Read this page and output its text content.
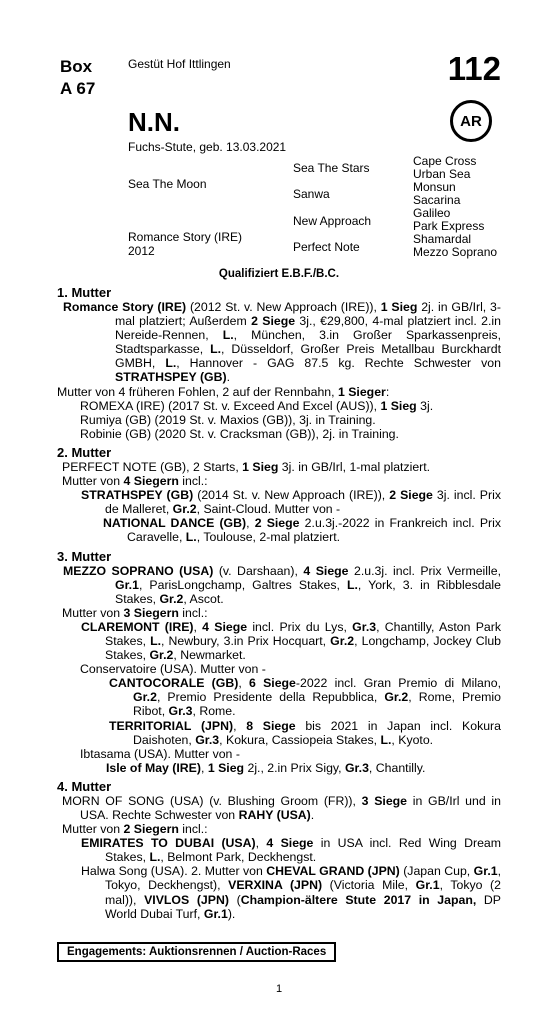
Box
A 67
Gestüt Hof Ittlingen	112
AR
N.N.
Fuchs-Stute, geb. 13.03.2021
Sea The Moon
Romance Story (IRE)
2012
Sea The Stars
Sanwa
New Approach
Perfect Note
Cape Cross
Urban Sea
Monsun
Sacarina
Galileo
Park Express
Shamardal
Mezzo Soprano
Qualifiziert E.B.F./B.C.
1. Mutter
Romance Story (IRE) (2012 St. v. New Approach (IRE)), 1 Sieg 2j. in GB/Irl, 3-mal platziert; Außerdem 2 Siege 3j., €29,800, 4-mal platziert incl. 2.in Nereide-Rennen, L., München, 3.in Großer Sparkassenpreis, Stadtsparkasse, L., Düsseldorf, Großer Preis Metallbau Burckhardt GMBH, L., Hannover - GAG 87.5 kg. Rechte Schwester von STRATHSPEY (GB).
Mutter von 4 früheren Fohlen, 2 auf der Rennbahn, 1 Sieger:
ROMEXA (IRE) (2017 St. v. Exceed And Excel (AUS)), 1 Sieg 3j.
Rumiya (GB) (2019 St. v. Maxios (GB)), 3j. in Training.
Robinie (GB) (2020 St. v. Cracksman (GB)), 2j. in Training.
2. Mutter
PERFECT NOTE (GB), 2 Starts, 1 Sieg 3j. in GB/Irl, 1-mal platziert.
Mutter von 4 Siegern incl.:
STRATHSPEY (GB) (2014 St. v. New Approach (IRE)), 2 Siege 3j. incl. Prix de Malleret, Gr.2, Saint-Cloud. Mutter von -
NATIONAL DANCE (GB), 2 Siege 2.u.3j.-2022 in Frankreich incl. Prix Caravelle, L., Toulouse, 2-mal platziert.
3. Mutter
MEZZO SOPRANO (USA) (v. Darshaan), 4 Siege 2.u.3j. incl. Prix Vermeille, Gr.1, ParisLongchamp, Galtres Stakes, L., York, 3. in Ribblesdale Stakes, Gr.2, Ascot.
Mutter von 3 Siegern incl.:
CLAREMONT (IRE), 4 Siege incl. Prix du Lys, Gr.3, Chantilly, Aston Park Stakes, L., Newbury, 3.in Prix Hocquart, Gr.2, Longchamp, Jockey Club Stakes, Gr.2, Newmarket.
Conservatoire (USA). Mutter von -
CANTOCORALE (GB), 6 Siege-2022 incl. Gran Premio di Milano, Gr.2, Premio Presidente della Repubblica, Gr.2, Rome, Premio Ribot, Gr.3, Rome.
TERRITORIAL (JPN), 8 Siege bis 2021 in Japan incl. Kokura Daishoten, Gr.3, Kokura, Cassiopeia Stakes, L., Kyoto.
Ibtasama (USA). Mutter von -
Isle of May (IRE), 1 Sieg 2j., 2.in Prix Sigy, Gr.3, Chantilly.
4. Mutter
MORN OF SONG (USA) (v. Blushing Groom (FR)), 3 Siege in GB/Irl und in USA. Rechte Schwester von RAHY (USA).
Mutter von 2 Siegern incl.:
EMIRATES TO DUBAI (USA), 4 Siege in USA incl. Red Wing Dream Stakes, L., Belmont Park, Deckhengst.
Halwa Song (USA). 2. Mutter von CHEVAL GRAND (JPN) (Japan Cup, Gr.1, Tokyo, Deckhengst), VERXINA (JPN) (Victoria Mile, Gr.1, Tokyo (2 mal)), VIVLOS (JPN) (Champion-ältere Stute 2017 in Japan, DP World Dubai Turf, Gr.1).
Engagements: Auktionsrennen / Auction-Races
1
